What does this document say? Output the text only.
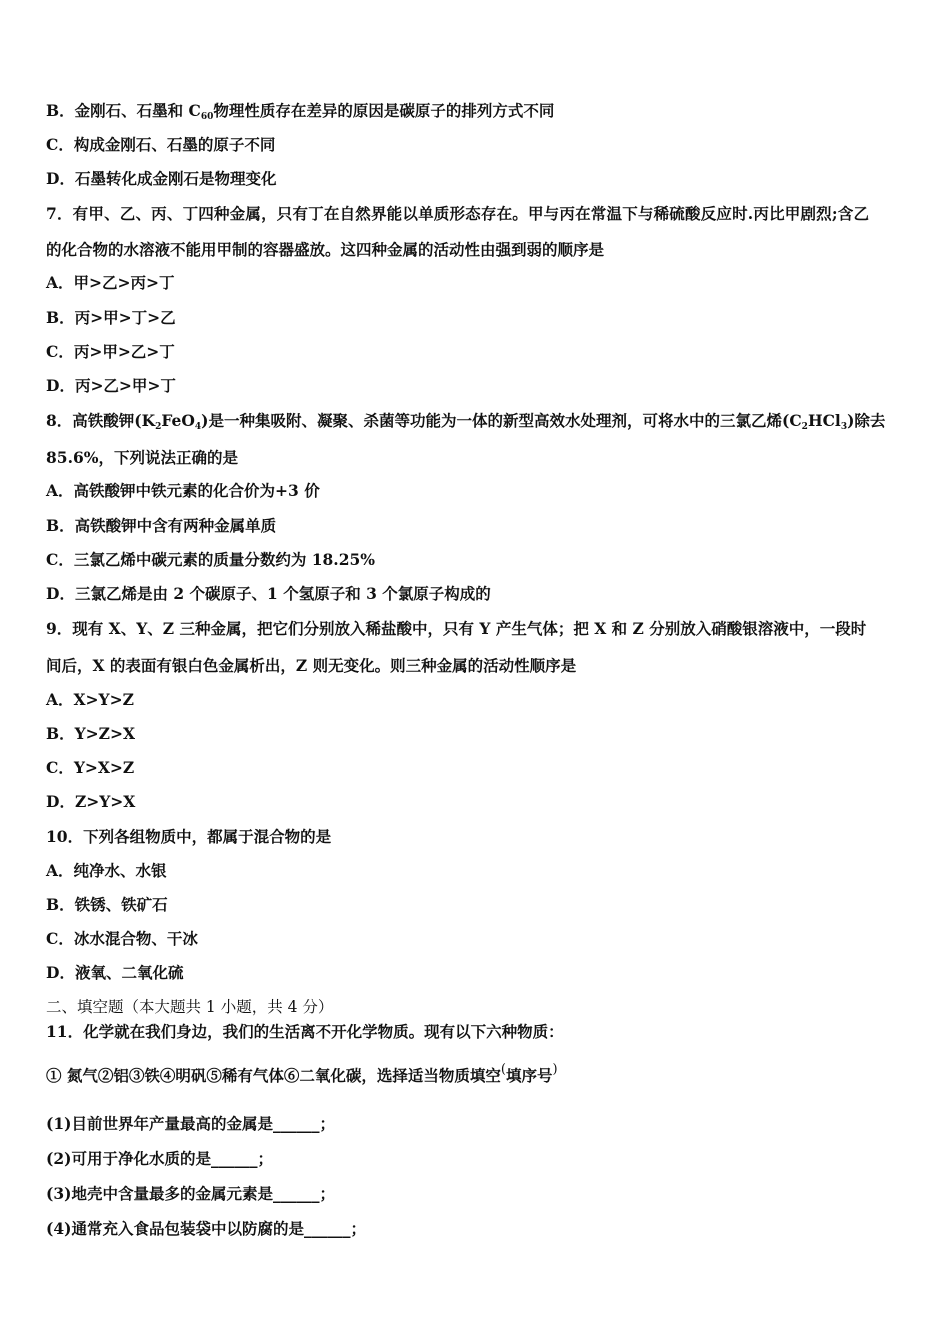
B．金刚石、石墨和 $C_{60}$物理性质存在差异的原因是碳原子的排列方式不同
C．构成金刚石、石墨的原子不同
D．石墨转化成金刚石是物理变化
7．有甲、乙、丙、丁四种金属，只有丁在自然界能以单质形态存在。甲与丙在常温下与稀硫酸反应时.丙比甲剧烈;含乙
的化合物的水溶液不能用甲制的容器盛放。这四种金属的活动性由强到弱的顺序是
A．甲>乙>丙>丁
B．丙>甲>丁>乙
C．丙>甲>乙>丁
D．丙>乙>甲>丁
8．高铁酸钾$(K_2FeO_4)$是一种集吸附、凝聚、杀菌等功能为一体的新型高效水处理剂，可将水中的三氯乙烯$(C_2HCl_3)$除去
85.6%，下列说法正确的是
A．高铁酸钾中铁元素的化合价为+3 价
B．高铁酸钾中含有两种金属单质
C．三氯乙烯中碳元素的质量分数约为 18.25%
D．三氯乙烯是由 2 个碳原子、1 个氢原子和 3 个氯原子构成的
9．现有 X、Y、Z 三种金属，把它们分别放入稀盐酸中，只有 Y 产生气体；把 X 和 Z 分别放入硝酸银溶液中，一段时
间后，X 的表面有银白色金属析出，Z 则无变化。则三种金属的活动性顺序是
A．X>Y>Z
B．Y>Z>X
C．Y>X>Z
D．Z>Y>X
10．下列各组物质中，都属于混合物的是
A．纯净水、水银
B．铁锈、铁矿石
C．冰水混合物、干冰
D．液氧、二氧化硫
二、填空题（本大题共 1 小题，共 4 分）
11．化学就在我们身边，我们的生活离不开化学物质。现有以下六种物质：
① 氮气②铝③铁④明矾⑤稀有气体⑥二氧化碳，选择适当物质填空(填序号)
(1)目前世界年产量最高的金属是______；
(2)可用于净化水质的是______；
(3)地壳中含量最多的金属元素是______；
(4)通常充入食品包装袋中以防腐的是______；
